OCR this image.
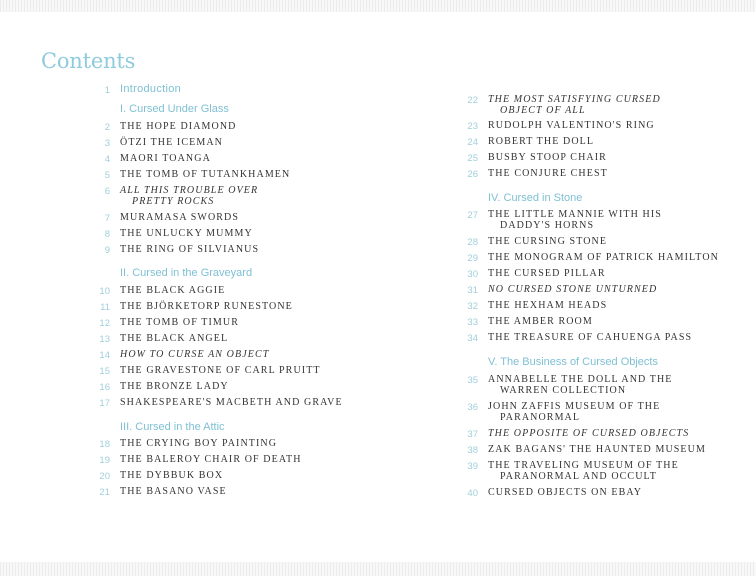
Contents
1 Introduction
I. Cursed Under Glass
2 THE HOPE DIAMOND
3 ÖTZI THE ICEMAN
4 MAORI TOANGA
5 THE TOMB OF TUTANKHAMEN
6 ALL THIS TROUBLE OVER PRETTY ROCKS
7 MURAMASA SWORDS
8 THE UNLUCKY MUMMY
9 THE RING OF SILVIANUS
II. Cursed in the Graveyard
10 THE BLACK AGGIE
11 THE BJÖRKETORP RUNESTONE
12 THE TOMB OF TIMUR
13 THE BLACK ANGEL
14 HOW TO CURSE AN OBJECT
15 THE GRAVESTONE OF CARL PRUITT
16 THE BRONZE LADY
17 SHAKESPEARE'S MACBETH AND GRAVE
III. Cursed in the Attic
18 THE CRYING BOY PAINTING
19 THE BALEROY CHAIR OF DEATH
20 THE DYBBUK BOX
21 THE BASANO VASE
22 THE MOST SATISFYING CURSED OBJECT OF ALL
23 RUDOLPH VALENTINO'S RING
24 ROBERT THE DOLL
25 BUSBY STOOP CHAIR
26 THE CONJURE CHEST
IV. Cursed in Stone
27 THE LITTLE MANNIE WITH HIS DADDY'S HORNS
28 THE CURSING STONE
29 THE MONOGRAM OF PATRICK HAMILTON
30 THE CURSED PILLAR
31 NO CURSED STONE UNTURNED
32 THE HEXHAM HEADS
33 THE AMBER ROOM
34 THE TREASURE OF CAHUENGA PASS
V. The Business of Cursed Objects
35 ANNABELLE THE DOLL AND THE WARREN COLLECTION
36 JOHN ZAFFIS MUSEUM OF THE PARANORMAL
37 THE OPPOSITE OF CURSED OBJECTS
38 ZAK BAGANS' THE HAUNTED MUSEUM
39 THE TRAVELING MUSEUM OF THE PARANORMAL AND OCCULT
40 CURSED OBJECTS ON EBAY
